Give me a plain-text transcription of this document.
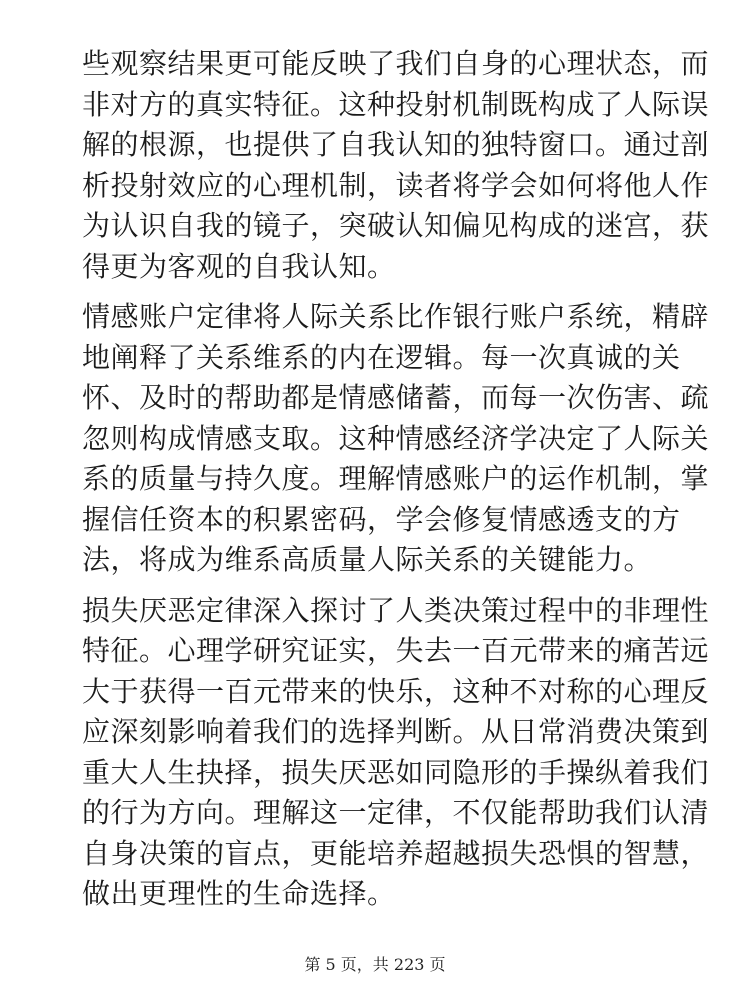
些观察结果更可能反映了我们自身的心理状态，而
非对方的真实特征。这种投射机制既构成了人际误
解的根源，也提供了自我认知的独特窗口。通过剖
析投射效应的心理机制，读者将学会如何将他人作
为认识自我的镜子，突破认知偏见构成的迷宫，获
得更为客观的自我认知。

情感账户定律将人际关系比作银行账户系统，精辟
地阐释了关系维系的内在逻辑。每一次真诚的关
怀、及时的帮助都是情感储蓄，而每一次伤害、疏
忽则构成情感支取。这种情感经济学决定了人际关
系的质量与持久度。理解情感账户的运作机制，掌
握信任资本的积累密码，学会修复情感透支的方
法，将成为维系高质量人际关系的关键能力。

损失厌恶定律深入探讨了人类决策过程中的非理性
特征。心理学研究证实，失去一百元带来的痛苦远
大于获得一百元带来的快乐，这种不对称的心理反
应深刻影响着我们的选择判断。从日常消费决策到
重大人生抉择，损失厌恶如同隐形的手操纵着我们
的行为方向。理解这一定律，不仅能帮助我们认清
自身决策的盲点，更能培养超越损失恐惧的智慧，
做出更理性的生命选择。

第 5 页，共 223 页
